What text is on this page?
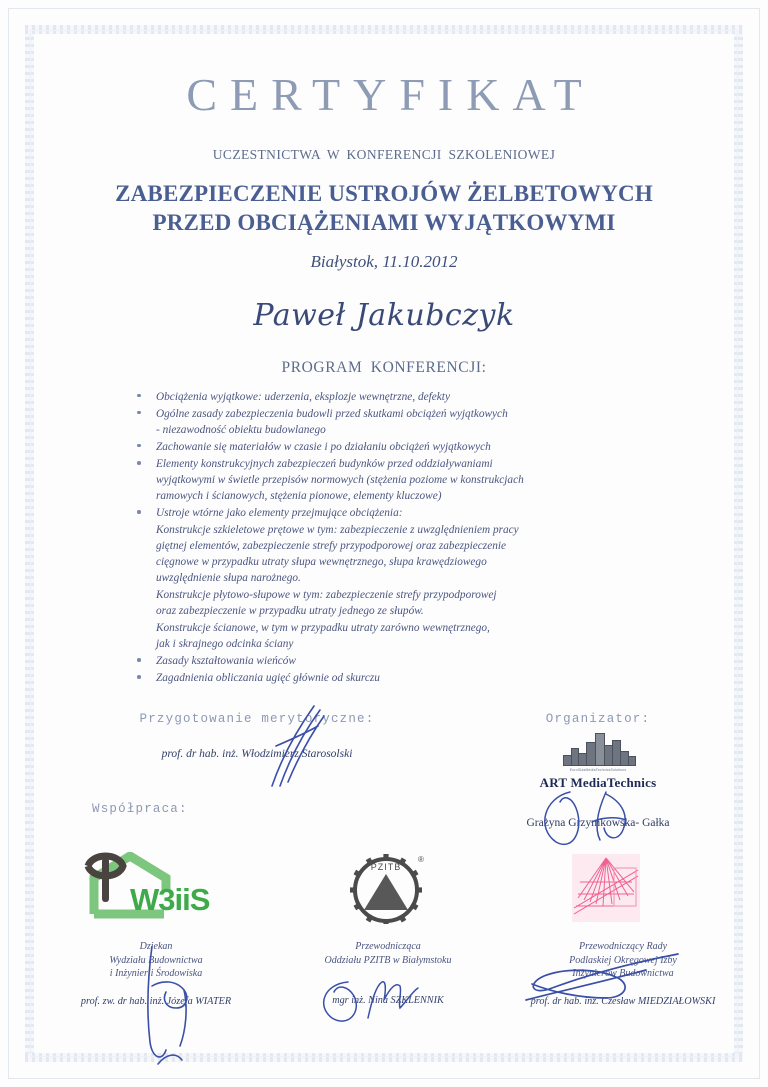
CERTYFIKAT
UCZESTNICTWA W KONFERENCJI SZKOLENIOWEJ
ZABEZPIECZENIE USTROJÓW ŻELBETOWYCH
PRZED OBCIĄŻENIAMI WYJĄTKOWYMI
Białystok, 11.10.2012
Paweł Jakubczyk
PROGRAM KONFERENCJI:
Obciążenia wyjątkowe: uderzenia, eksplozje wewnętrzne, defekty
Ogólne zasady zabezpieczenia budowli przed skutkami obciążeń wyjątkowych
- niezawodność obiektu budowlanego
Zachowanie się materiałów w czasie i po działaniu obciążeń wyjątkowych
Elementy konstrukcyjnych zabezpieczeń budynków przed oddziaływaniami
wyjątkowymi w świetle przepisów normowych (stężenia poziome w konstrukcjach
ramowych i ścianowych, stężenia pionowe, elementy kluczowe)
Ustroje wtórne jako elementy przejmujące obciążenia:
Konstrukcje szkieletowe prętowe w tym: zabezpieczenie z uwzględnieniem pracy
giętnej elementów, zabezpieczenie strefy przypodporowej oraz zabezpieczenie
cięgnowe w przypadku utraty słupa wewnętrznego, słupa krawędziowego
uwzględnienie słupa narożnego.
Konstrukcje płytowo-słupowe w tym: zabezpieczenie strefy przypodporowej
oraz zabezpieczenie w przypadku utraty jednego ze słupów.
Konstrukcje ścianowe, w tym w przypadku utraty zarówno wewnętrznego,
jak i skrajnego odcinka ściany
Zasady kształtowania wieńców
Zagadnienia obliczania ugięć głównie od skurczu
Przygotowanie merytoryczne:
prof. dr hab. inż. Włodzimierz Starosolski
Organizator:
EuroGlasMediaTechnicsSolutions
ART MediaTechnics
Grażyna Grzymkowska- Gałka
Współpraca:
W3iiS
Dziekan
Wydziału Budownictwa
i Inżynierii Środowiska
prof. zw. dr hab. inż. Józefa WIATER
PZITB
®
Przewodnicząca
Oddziału PZITB w Białymstoku
mgr inż. Nina SZKLENNIK
Przewodniczący Rady
Podlaskiej Okręgowej Izby
Inżynierów Budownictwa
prof. dr hab. inż. Czesław MIEDZIAŁOWSKI
